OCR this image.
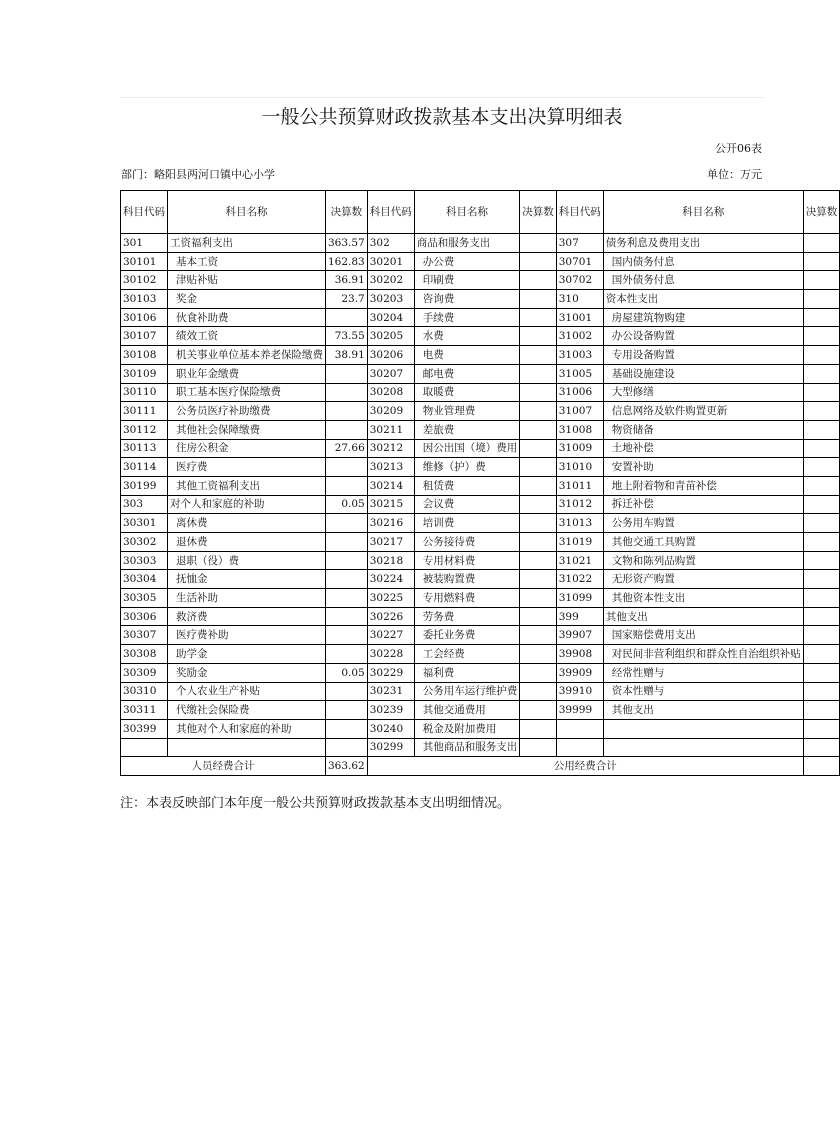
一般公共预算财政拨款基本支出决算明细表
公开06表
部门：略阳县两河口镇中心小学	单位：万元
科目代码	科目名称	决算数	科目代码	科目名称	决算数	科目代码	科目名称	决算数
301	工资福利支出	363.57	302	商品和服务支出		307	债务利息及费用支出	
30101	基本工资	162.83	30201	办公费		30701	国内债务付息	
30102	津贴补贴	36.91	30202	印刷费		30702	国外债务付息	
30103	奖金	23.7	30203	咨询费		310	资本性支出	
30106	伙食补助费		30204	手续费		31001	房屋建筑物购建	
30107	绩效工资	73.55	30205	水费		31002	办公设备购置	
30108	机关事业单位基本养老保险缴费	38.91	30206	电费		31003	专用设备购置	
30109	职业年金缴费		30207	邮电费		31005	基础设施建设	
30110	职工基本医疗保险缴费		30208	取暖费		31006	大型修缮	
30111	公务员医疗补助缴费		30209	物业管理费		31007	信息网络及软件购置更新	
30112	其他社会保障缴费		30211	差旅费		31008	物资储备	
30113	住房公积金	27.66	30212	因公出国（境）费用		31009	土地补偿	
30114	医疗费		30213	维修（护）费		31010	安置补助	
30199	其他工资福利支出		30214	租赁费		31011	地上附着物和青苗补偿	
303	对个人和家庭的补助	0.05	30215	会议费		31012	拆迁补偿	
30301	离休费		30216	培训费		31013	公务用车购置	
30302	退休费		30217	公务接待费		31019	其他交通工具购置	
30303	退职（役）费		30218	专用材料费		31021	文物和陈列品购置	
30304	抚恤金		30224	被装购置费		31022	无形资产购置	
30305	生活补助		30225	专用燃料费		31099	其他资本性支出	
30306	救济费		30226	劳务费		399	其他支出	
30307	医疗费补助		30227	委托业务费		39907	国家赔偿费用支出	
30308	助学金		30228	工会经费		39908	对民间非营利组织和群众性自治组织补贴	
30309	奖励金	0.05	30229	福利费		39909	经常性赠与	
30310	个人农业生产补贴		30231	公务用车运行维护费		39910	资本性赠与	
30311	代缴社会保险费		30239	其他交通费用		39999	其他支出	
30399	其他对个人和家庭的补助		30240	税金及附加费用				
			30299	其他商品和服务支出				
人员经费合计		363.62	公用经费合计					
注：本表反映部门本年度一般公共预算财政拨款基本支出明细情况。
